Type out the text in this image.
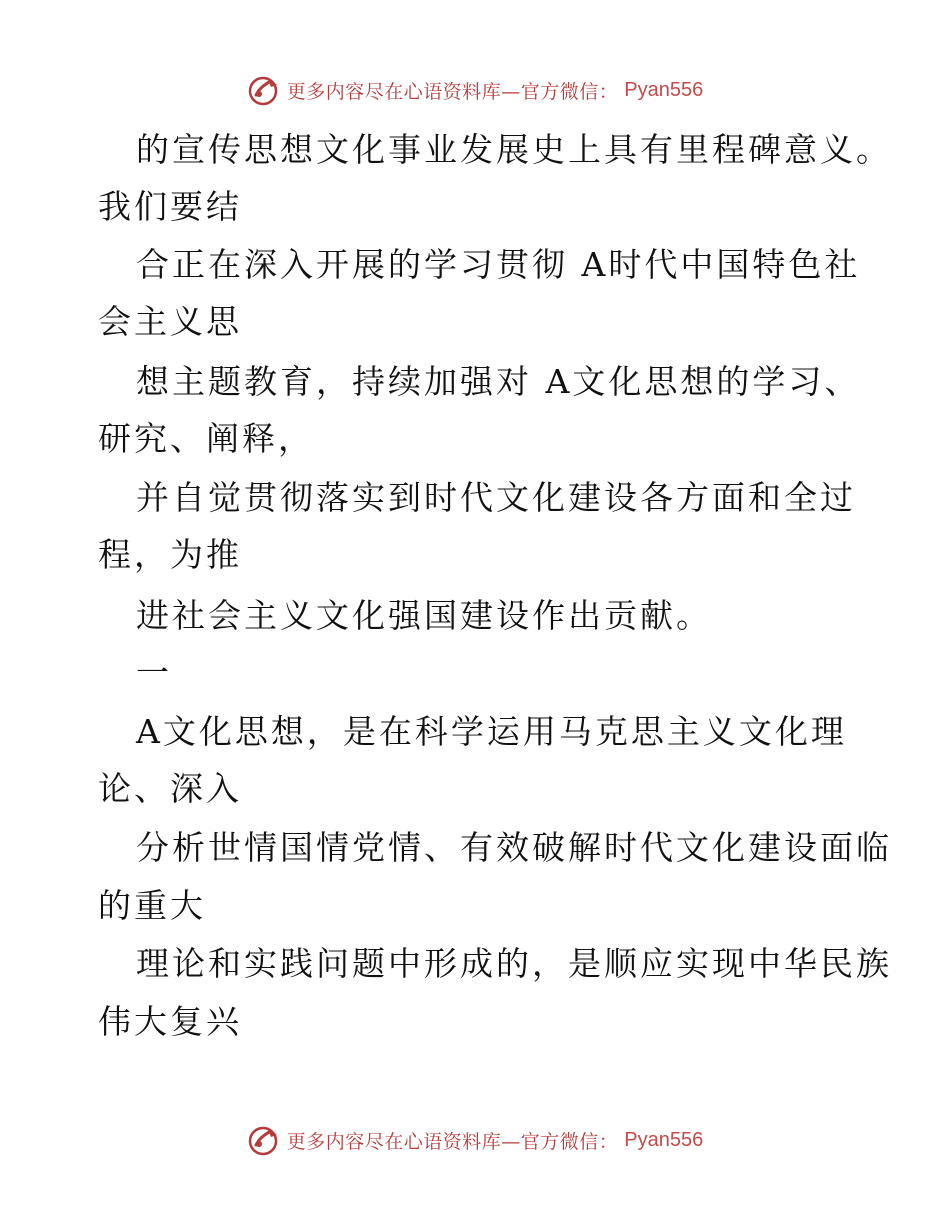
更多内容尽在心语资料库—官方微信： Pyan556
的宣传思想文化事业发展史上具有里程碑意义。
我们要结
合正在深入开展的学习贯彻 A时代中国特色社
会主义思
想主题教育，持续加强对 A文化思想的学习、
研究、阐释，
并自觉贯彻落实到时代文化建设各方面和全过
程，为推
进社会主义文化强国建设作出贡献。
一
A文化思想，是在科学运用马克思主义文化理
论、深入
分析世情国情党情、有效破解时代文化建设面临
的重大
理论和实践问题中形成的，是顺应实现中华民族
伟大复兴
更多内容尽在心语资料库—官方微信： Pyan556
